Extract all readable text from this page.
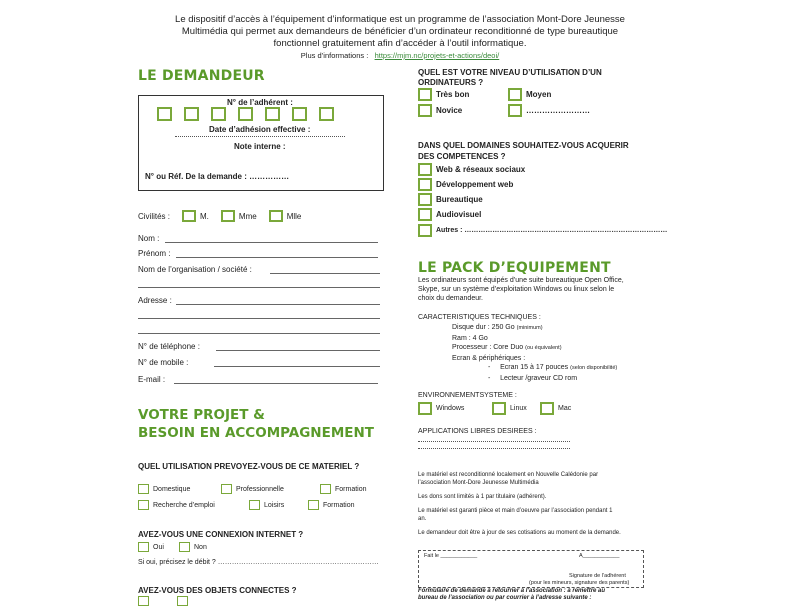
Le dispositif d’accès à l’équipement d’informatique est un programme de l’association Mont-Dore Jeunesse
Multimédia qui permet aux demandeurs de bénéficier d’un ordinateur reconditionné de type bureautique
fonctionnel gratuitement afin d’accéder à l’outil informatique.
Plus d’informations : https://mjm.nc/projets-et-actions/deoi/
LE DEMANDEUR
N° de l’adhérent :
Date d’adhésion effective :
Note interne :
N° ou Réf. De la demande : ……………
Civilités :	M.	Mme	Mlle
Nom :
Prénom :
Nom de l’organisation / société :
Adresse :
N° de téléphone :
N° de mobile :
E-mail :
VOTRE PROJET &
BESOIN EN ACCOMPAGNEMENT
QUEL UTILISATION PREVOYEZ-VOUS DE CE MATERIEL ?
Domestique	Professionnelle	Formation
Recherche d’emploi	Loisirs	Formation
AVEZ-VOUS UNE CONNEXION INTERNET ?
Oui	Non
Si oui, précisez le débit ? ……………………………………………………………
AVEZ-VOUS DES OBJETS CONNECTES ?
QUEL EST VOTRE NIVEAU D’UTILISATION D’UN
ORDINATEURS ?
Très bon	Moyen
Novice	……………………
DANS QUEL DOMAINES SOUHAITEZ-VOUS ACQUERIR
DES COMPETENCES ?
Web & réseaux sociaux
Développement web
Bureautique
Audiovisuel
Autres : ……………………………………………………………………………
LE PACK D’EQUIPEMENT
Les ordinateurs sont équipés d’une suite bureautique Open Office,
Skype, sur un système d’exploitation Windows ou linux selon le
choix du demandeur.
CARACTERISTIQUES TECHNIQUES :
Disque dur : 250 Go (minimum)
Ram : 4 Go
Processeur : Core Duo (ou équivalent)
Ecran & périphériques :
-     Ecran 15 à 17 pouces (selon disponibilité)
-     Lecteur /graveur CD rom
ENVIRONNEMENTSYSTEME :
Windows	Linux	Mac
APPLICATIONS LIBRES DESIREES :
Le matériel est reconditionné localement en Nouvelle Calédonie par
l’association Mont-Dore Jeunesse Multimédia
Les dons sont limités à 1 par titulaire (adhérent).
Le matériel est garanti pièce et main d’oeuvre par l’association pendant 1
an.
Le demandeur doit être à jour de ses cotisations au moment de la demande.
Fait le ____________	A____________
Signature de l’adhérent
(pour les mineurs, signature des parents)
Formulaire de demande à retourner à l’association : à remettre au
bureau de l’association ou par courrier à l’adresse suivante :
